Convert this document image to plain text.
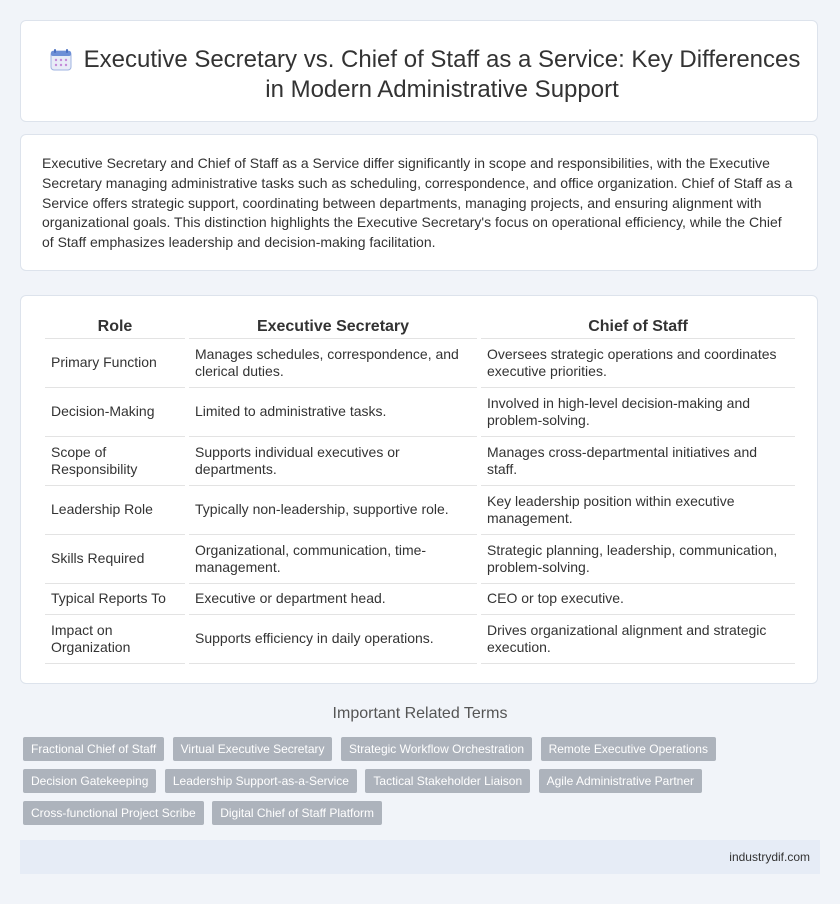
Executive Secretary vs. Chief of Staff as a Service: Key Differences in Modern Administrative Support

Executive Secretary and Chief of Staff as a Service differ significantly in scope and responsibilities, with the Executive Secretary managing administrative tasks such as scheduling, correspondence, and office organization. Chief of Staff as a Service offers strategic support, coordinating between departments, managing projects, and ensuring alignment with organizational goals. This distinction highlights the Executive Secretary's focus on operational efficiency, while the Chief of Staff emphasizes leadership and decision-making facilitation.

Role	Executive Secretary	Chief of Staff
Primary Function	Manages schedules, correspondence, and clerical duties.	Oversees strategic operations and coordinates executive priorities.
Decision-Making	Limited to administrative tasks.	Involved in high-level decision-making and problem-solving.
Scope of Responsibility	Supports individual executives or departments.	Manages cross-departmental initiatives and staff.
Leadership Role	Typically non-leadership, supportive role.	Key leadership position within executive management.
Skills Required	Organizational, communication, time-management.	Strategic planning, leadership, communication, problem-solving.
Typical Reports To	Executive or department head.	CEO or top executive.
Impact on Organization	Supports efficiency in daily operations.	Drives organizational alignment and strategic execution.
Important Related Terms
Fractional Chief of Staff Virtual Executive Secretary Strategic Workflow Orchestration Remote Executive Operations Decision Gatekeeping Leadership Support-as-a-Service Tactical Stakeholder Liaison Agile Administrative Partner Cross-functional Project Scribe Digital Chief of Staff Platform
industrydif.com
